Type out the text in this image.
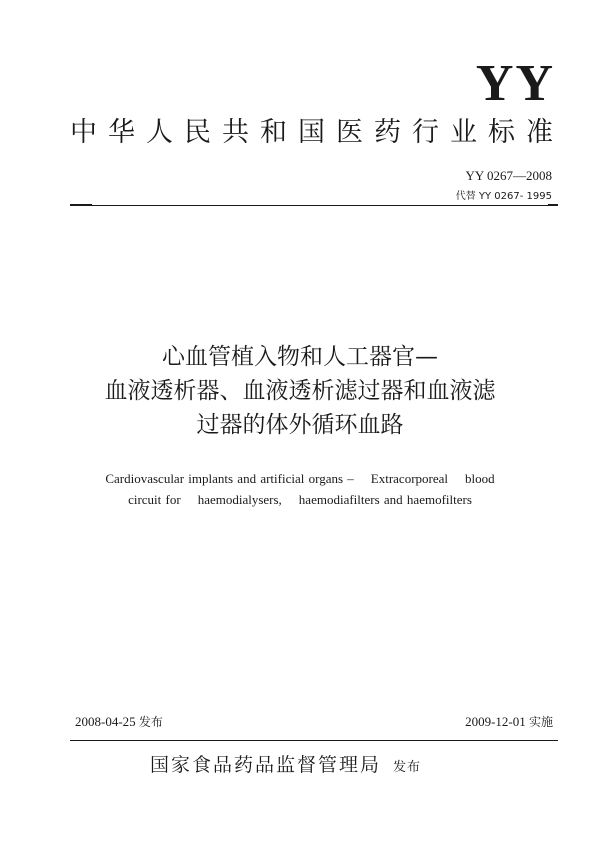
YY
中华人民共和国医药行业标准
YY 0267—2008
代替 YY 0267- 1995
心血管植入物和人工器官—
血液透析器、血液透析滤过器和血液滤
过器的体外循环血路
Cardiovascular implants and artificial organs –    Extracorporeal    blood
circuit for    haemodialysers,    haemodiafilters and haemofilters
2008-04-25 发布	2009-12-01 实施
国家食品药品监督管理局 发布
